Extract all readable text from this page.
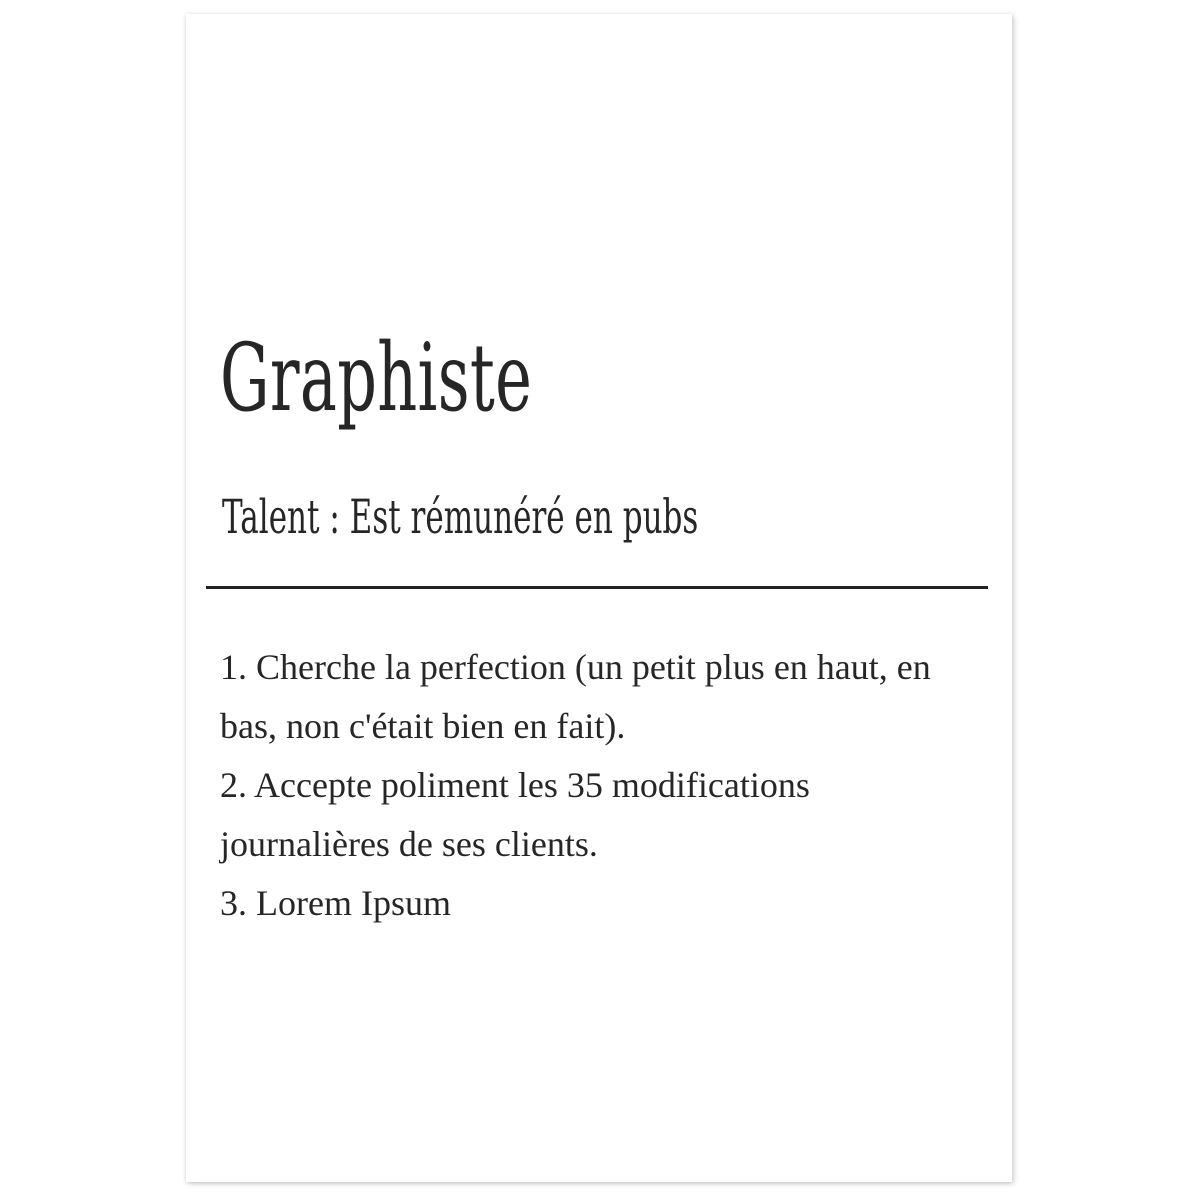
Graphiste

Talent : Est rémunéré en pubs

1. Cherche la perfection (un petit plus en haut, en bas, non c'était bien en fait).
2. Accepte poliment les 35 modifications journalières de ses clients.
3. Lorem Ipsum
